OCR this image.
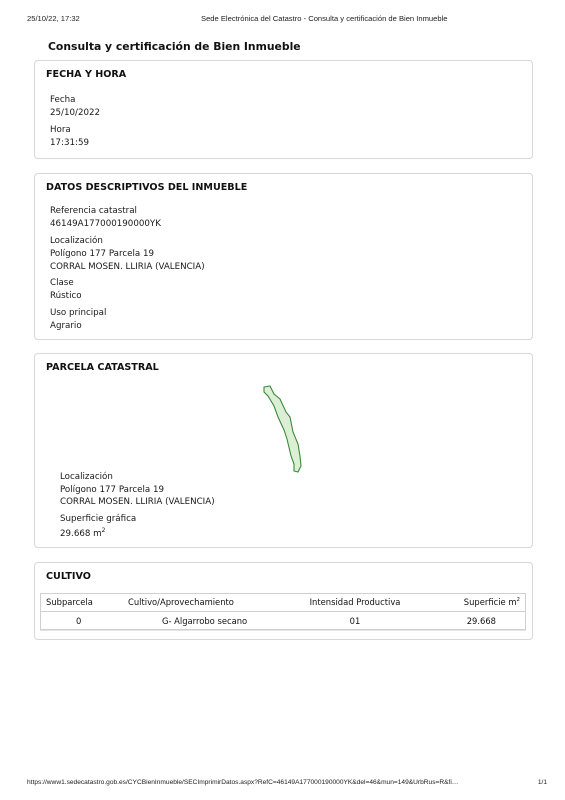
25/10/22, 17:32	Sede Electrónica del Catastro - Consulta y certificación de Bien Inmueble
Consulta y certificación de Bien Inmueble
FECHA Y HORA
Fecha
25/10/2022
Hora
17:31:59
DATOS DESCRIPTIVOS DEL INMUEBLE
Referencia catastral
46149A177000190000YK
Localización
Polígono 177 Parcela 19
CORRAL MOSEN. LLIRIA (VALENCIA)
Clase
Rústico
Uso principal
Agrario
PARCELA CATASTRAL
Localización
Polígono 177 Parcela 19
CORRAL MOSEN. LLIRIA (VALENCIA)
Superficie gráfica
29.668 $m^2$
CULTIVO
Subparcela	Cultivo/Aprovechamiento	Intensidad Productiva	Superficie $m^2$
0	G- Algarrobo secano	01	29.668
https://www1.sedecatastro.gob.es/CYCBienInmueble/SECImprimirDatos.aspx?RefC=46149A177000190000YK&del=46&mun=149&UrbRus=R&fi…	1/1
